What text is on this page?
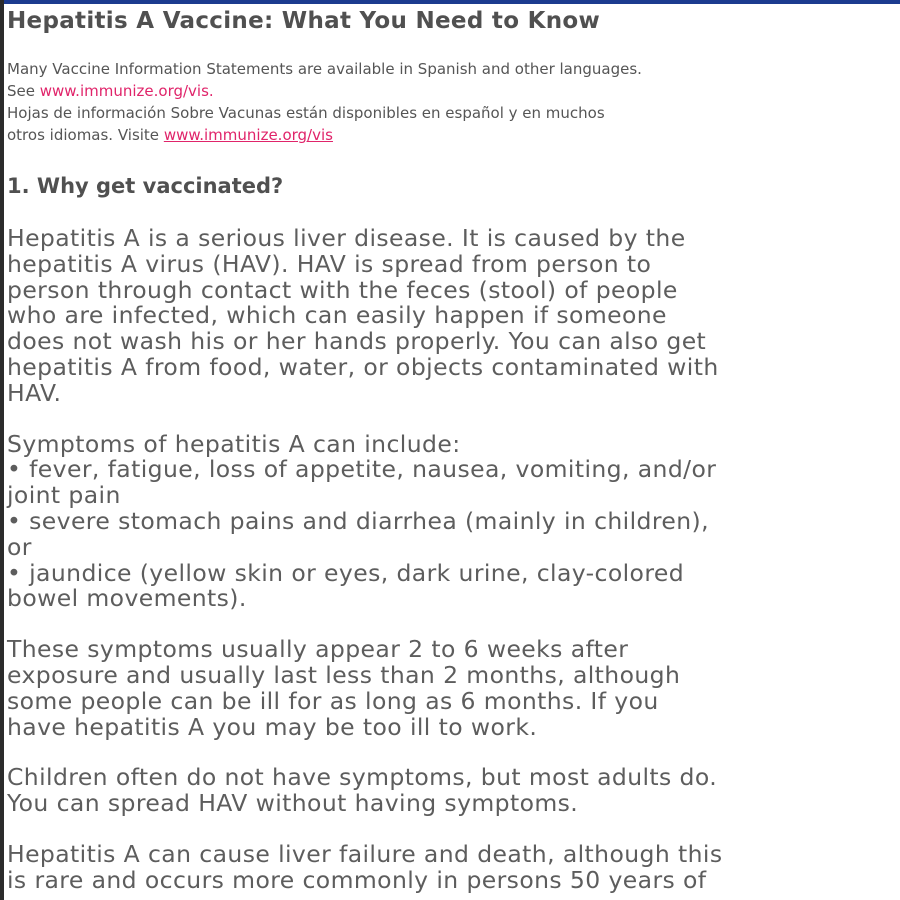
Hepatitis A Vaccine: What You Need to Know
Many Vaccine Information Statements are available in Spanish and other languages.
See www.immunize.org/vis.
Hojas de información Sobre Vacunas están disponibles en español y en muchos
otros idiomas. Visite www.immunize.org/vis
1. Why get vaccinated?
Hepatitis A is a serious liver disease. It is caused by the
hepatitis A virus (HAV). HAV is spread from person to
person through contact with the feces (stool) of people
who are infected, which can easily happen if someone
does not wash his or her hands properly. You can also get
hepatitis A from food, water, or objects contaminated with
HAV.
Symptoms of hepatitis A can include:
• fever, fatigue, loss of appetite, nausea, vomiting, and/or
joint pain
• severe stomach pains and diarrhea (mainly in children),
or
• jaundice (yellow skin or eyes, dark urine, clay-colored
bowel movements).
These symptoms usually appear 2 to 6 weeks after
exposure and usually last less than 2 months, although
some people can be ill for as long as 6 months. If you
have hepatitis A you may be too ill to work.
Children often do not have symptoms, but most adults do.
You can spread HAV without having symptoms.
Hepatitis A can cause liver failure and death, although this
is rare and occurs more commonly in persons 50 years of
